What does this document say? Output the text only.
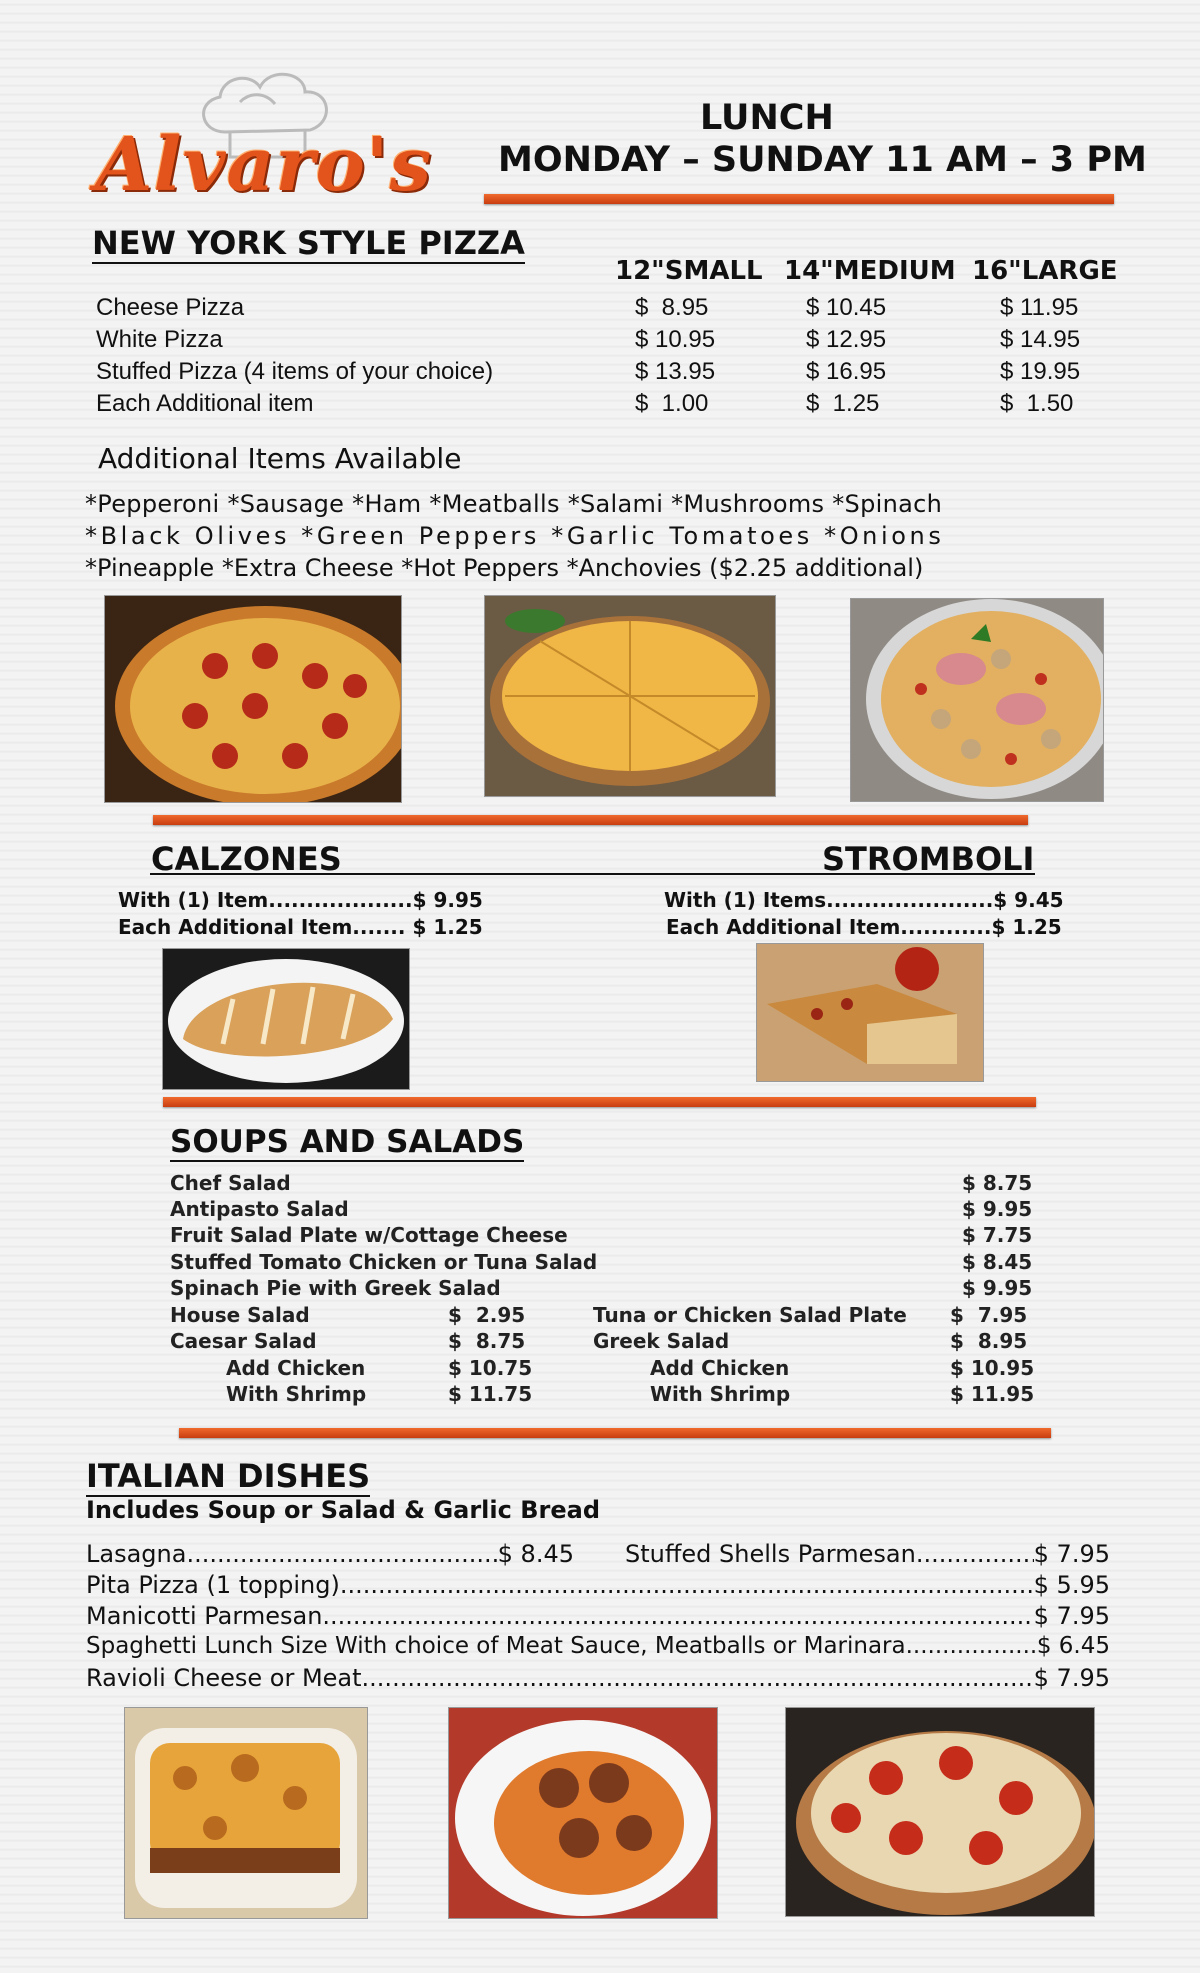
Alvaro's
LUNCH
MONDAY – SUNDAY 11 AM – 3 PM
NEW YORK STYLE PIZZA
12"SMALL 14"MEDIUM 16"LARGE
Cheese Pizza	$  8.95	$ 10.45	$ 11.95
White Pizza	$ 10.95	$ 12.95	$ 14.95
Stuffed Pizza (4 items of your choice)	$ 13.95	$ 16.95	$ 19.95
Each Additional item	$  1.00	$  1.25	$  1.50
Additional Items Available
*Pepperoni *Sausage *Ham *Meatballs *Salami *Mushrooms *Spinach
*Black Olives *Green Peppers *Garlic Tomatoes *Onions
*Pineapple *Extra Cheese *Hot Peppers *Anchovies ($2.25 additional)
CALZONES	STROMBOLI
With (1) Item...................$ 9.95
Each Additional Item....... $ 1.25
With (1) Items......................$ 9.45
Each Additional Item............$ 1.25
SOUPS AND SALADS
Chef Salad	$ 8.75
Antipasto Salad	$ 9.95
Fruit Salad Plate w/Cottage Cheese	$ 7.75
Stuffed Tomato Chicken or Tuna Salad	$ 8.45
Spinach Pie with Greek Salad	$ 9.95
House Salad	$  2.95
Caesar Salad	$  8.75
Add Chicken	$ 10.75
With Shrimp	$ 11.75
Tuna or Chicken Salad Plate $  7.95
Greek Salad	$  8.95
Add Chicken	$ 10.95
With Shrimp	$ 11.95
ITALIAN DISHES
Includes Soup or Salad & Garlic Bread
Lasagna .....	$ 8.45 Stuffed Shells Parmesan .....	$ 7.95
Pita Pizza (1 topping) .....	$ 5.95
Manicotti Parmesan .....	$ 7.95
Spaghetti Lunch Size With choice of Meat Sauce, Meatballs or Marinara .....	$ 6.45
Ravioli Cheese or Meat .....	$ 7.95
